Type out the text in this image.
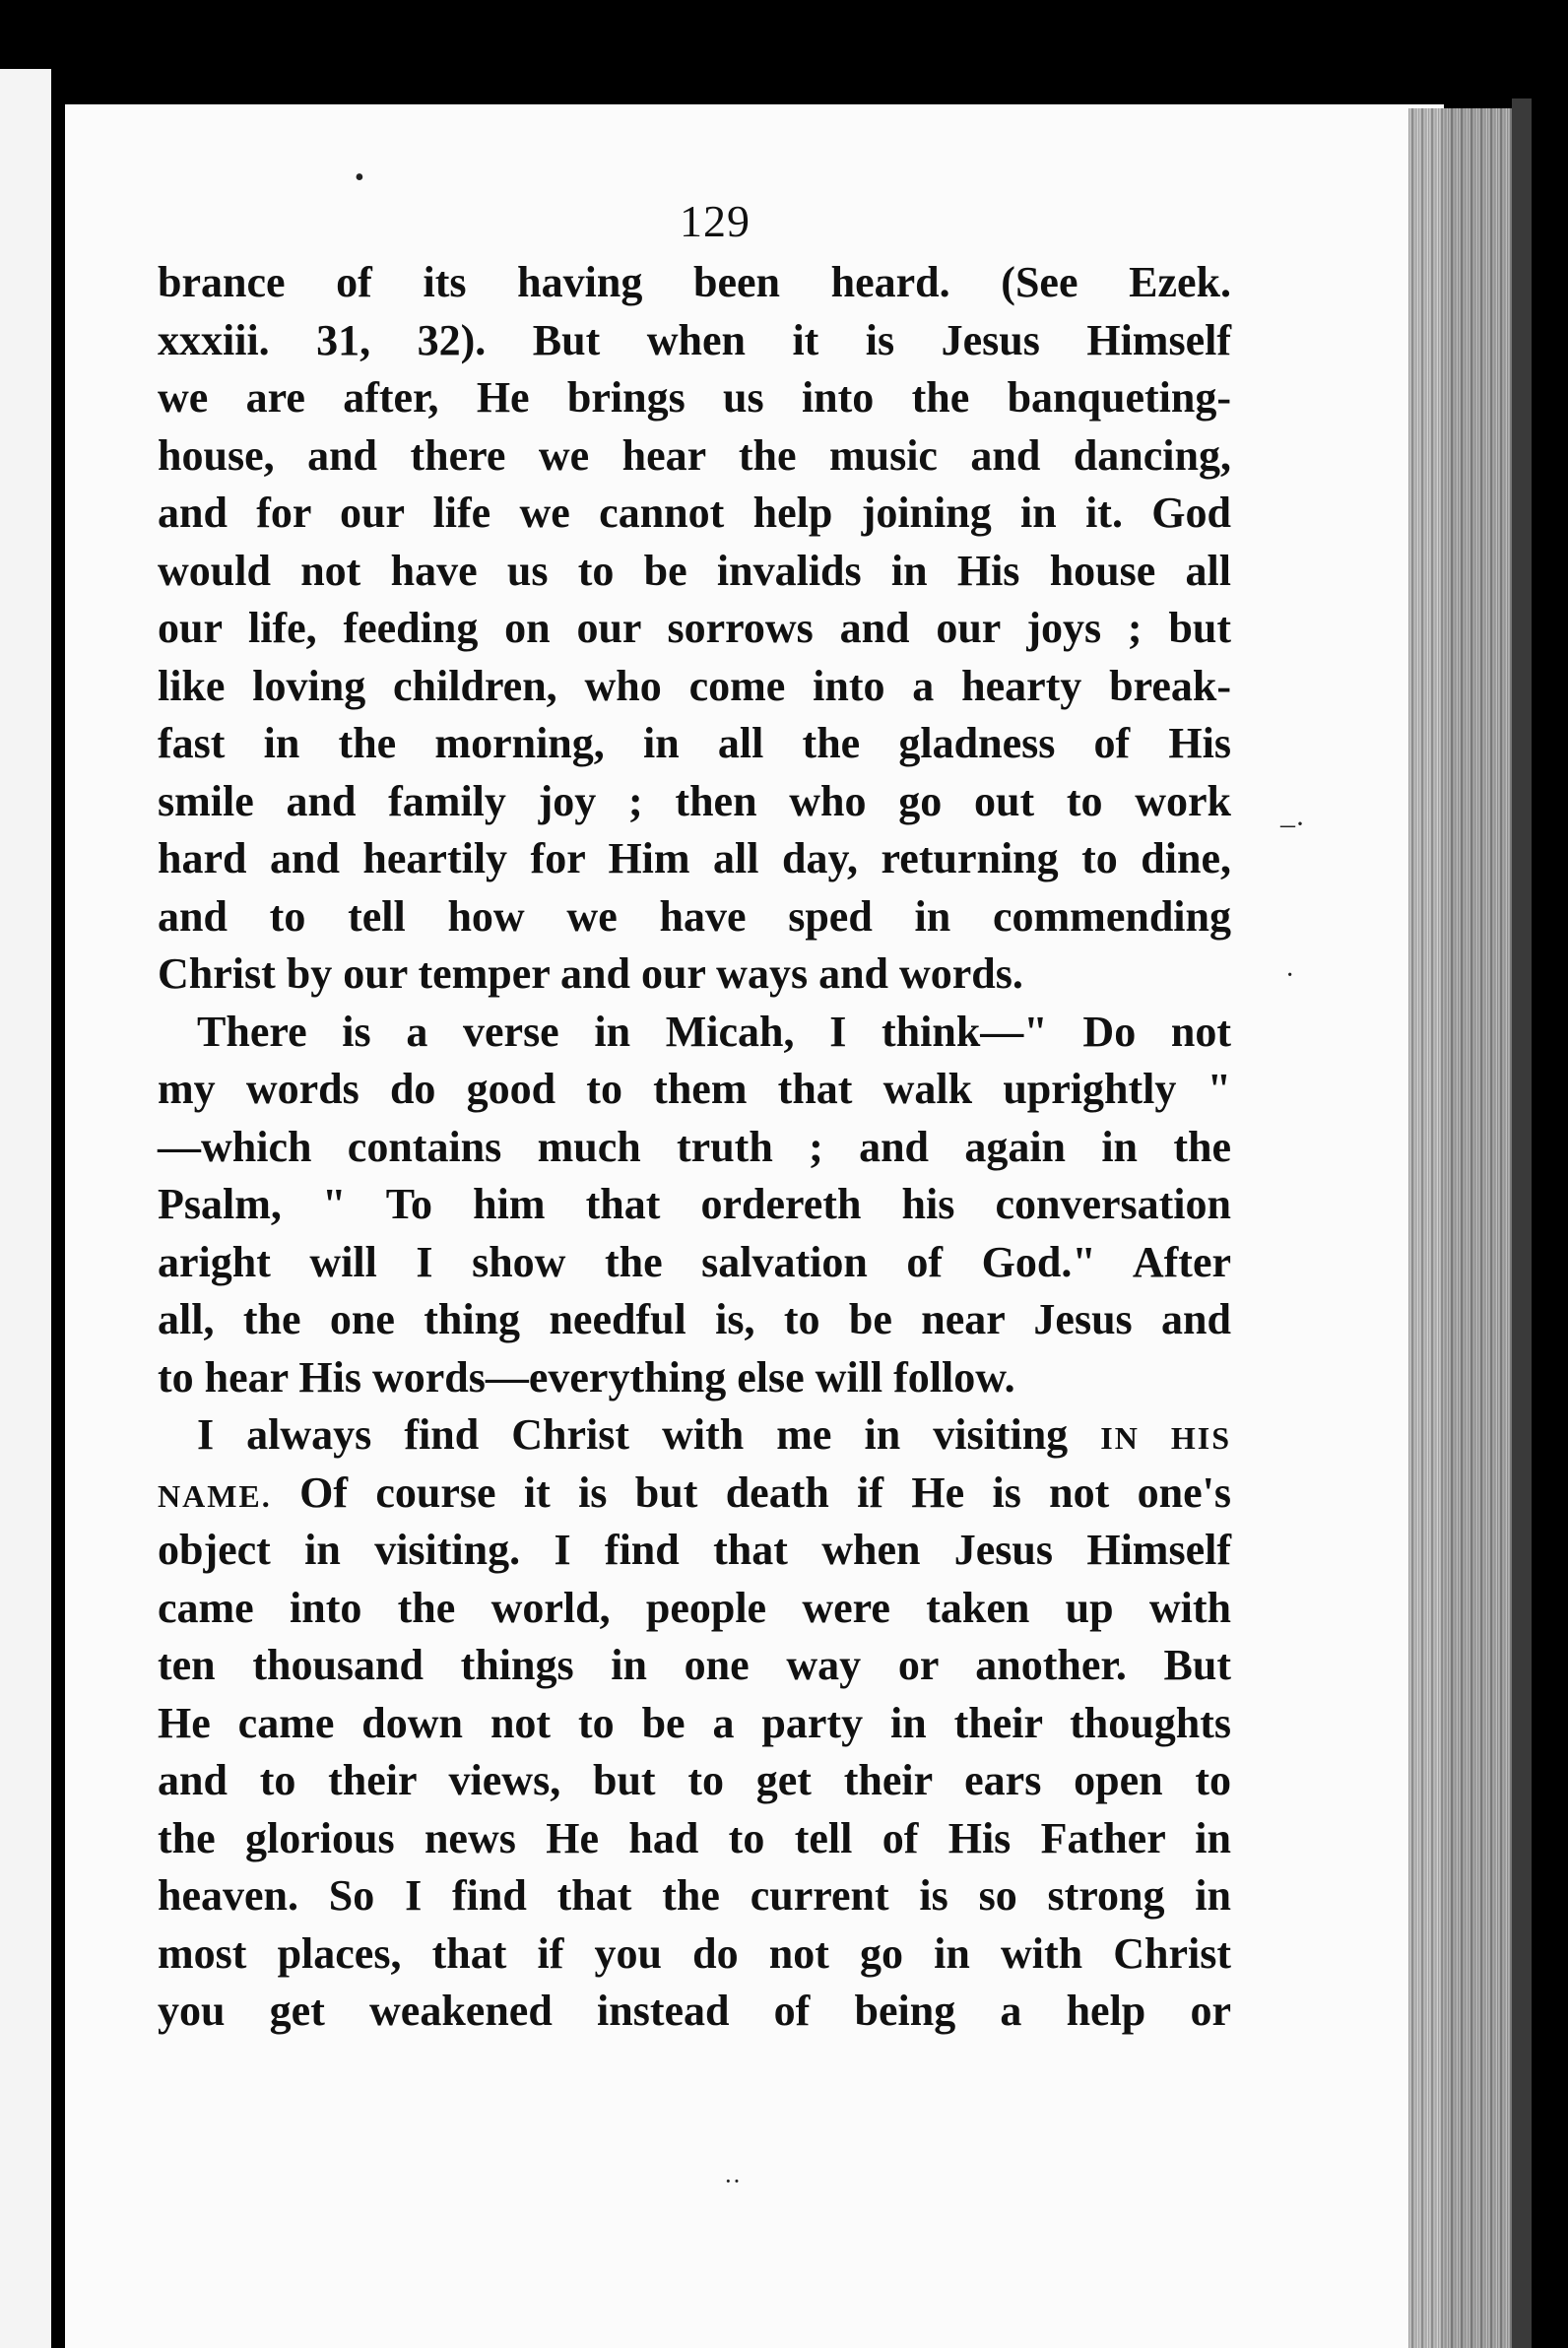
129
brance of its having been heard. (See Ezek.
xxxiii. 31, 32). But when it is Jesus Himself
we are after, He brings us into the banqueting-
house, and there we hear the music and dancing,
and for our life we cannot help joining in it. God
would not have us to be invalids in His house all
our life, feeding on our sorrows and our joys ; but
like loving children, who come into a hearty break-
fast in the morning, in all the gladness of His
smile and family joy ; then who go out to work
hard and heartily for Him all day, returning to dine,
and to tell how we have sped in commending
Christ by our temper and our ways and words.
There is a verse in Micah, I think—" Do not
my words do good to them that walk uprightly "
—which contains much truth ; and again in the
Psalm, " To him that ordereth his conversation
aright will I show the salvation of God." After
all, the one thing needful is, to be near Jesus and
to hear His words—everything else will follow.
I always find Christ with me in visiting IN HIS
NAME. Of course it is but death if He is not one's
object in visiting. I find that when Jesus Himself
came into the world, people were taken up with
ten thousand things in one way or another. But
He came down not to be a party in their thoughts
and to their views, but to get their ears open to
the glorious news He had to tell of His Father in
heaven. So I find that the current is so strong in
most places, that if you do not go in with Christ
you get weakened instead of being a help or
•
–·
·
··
